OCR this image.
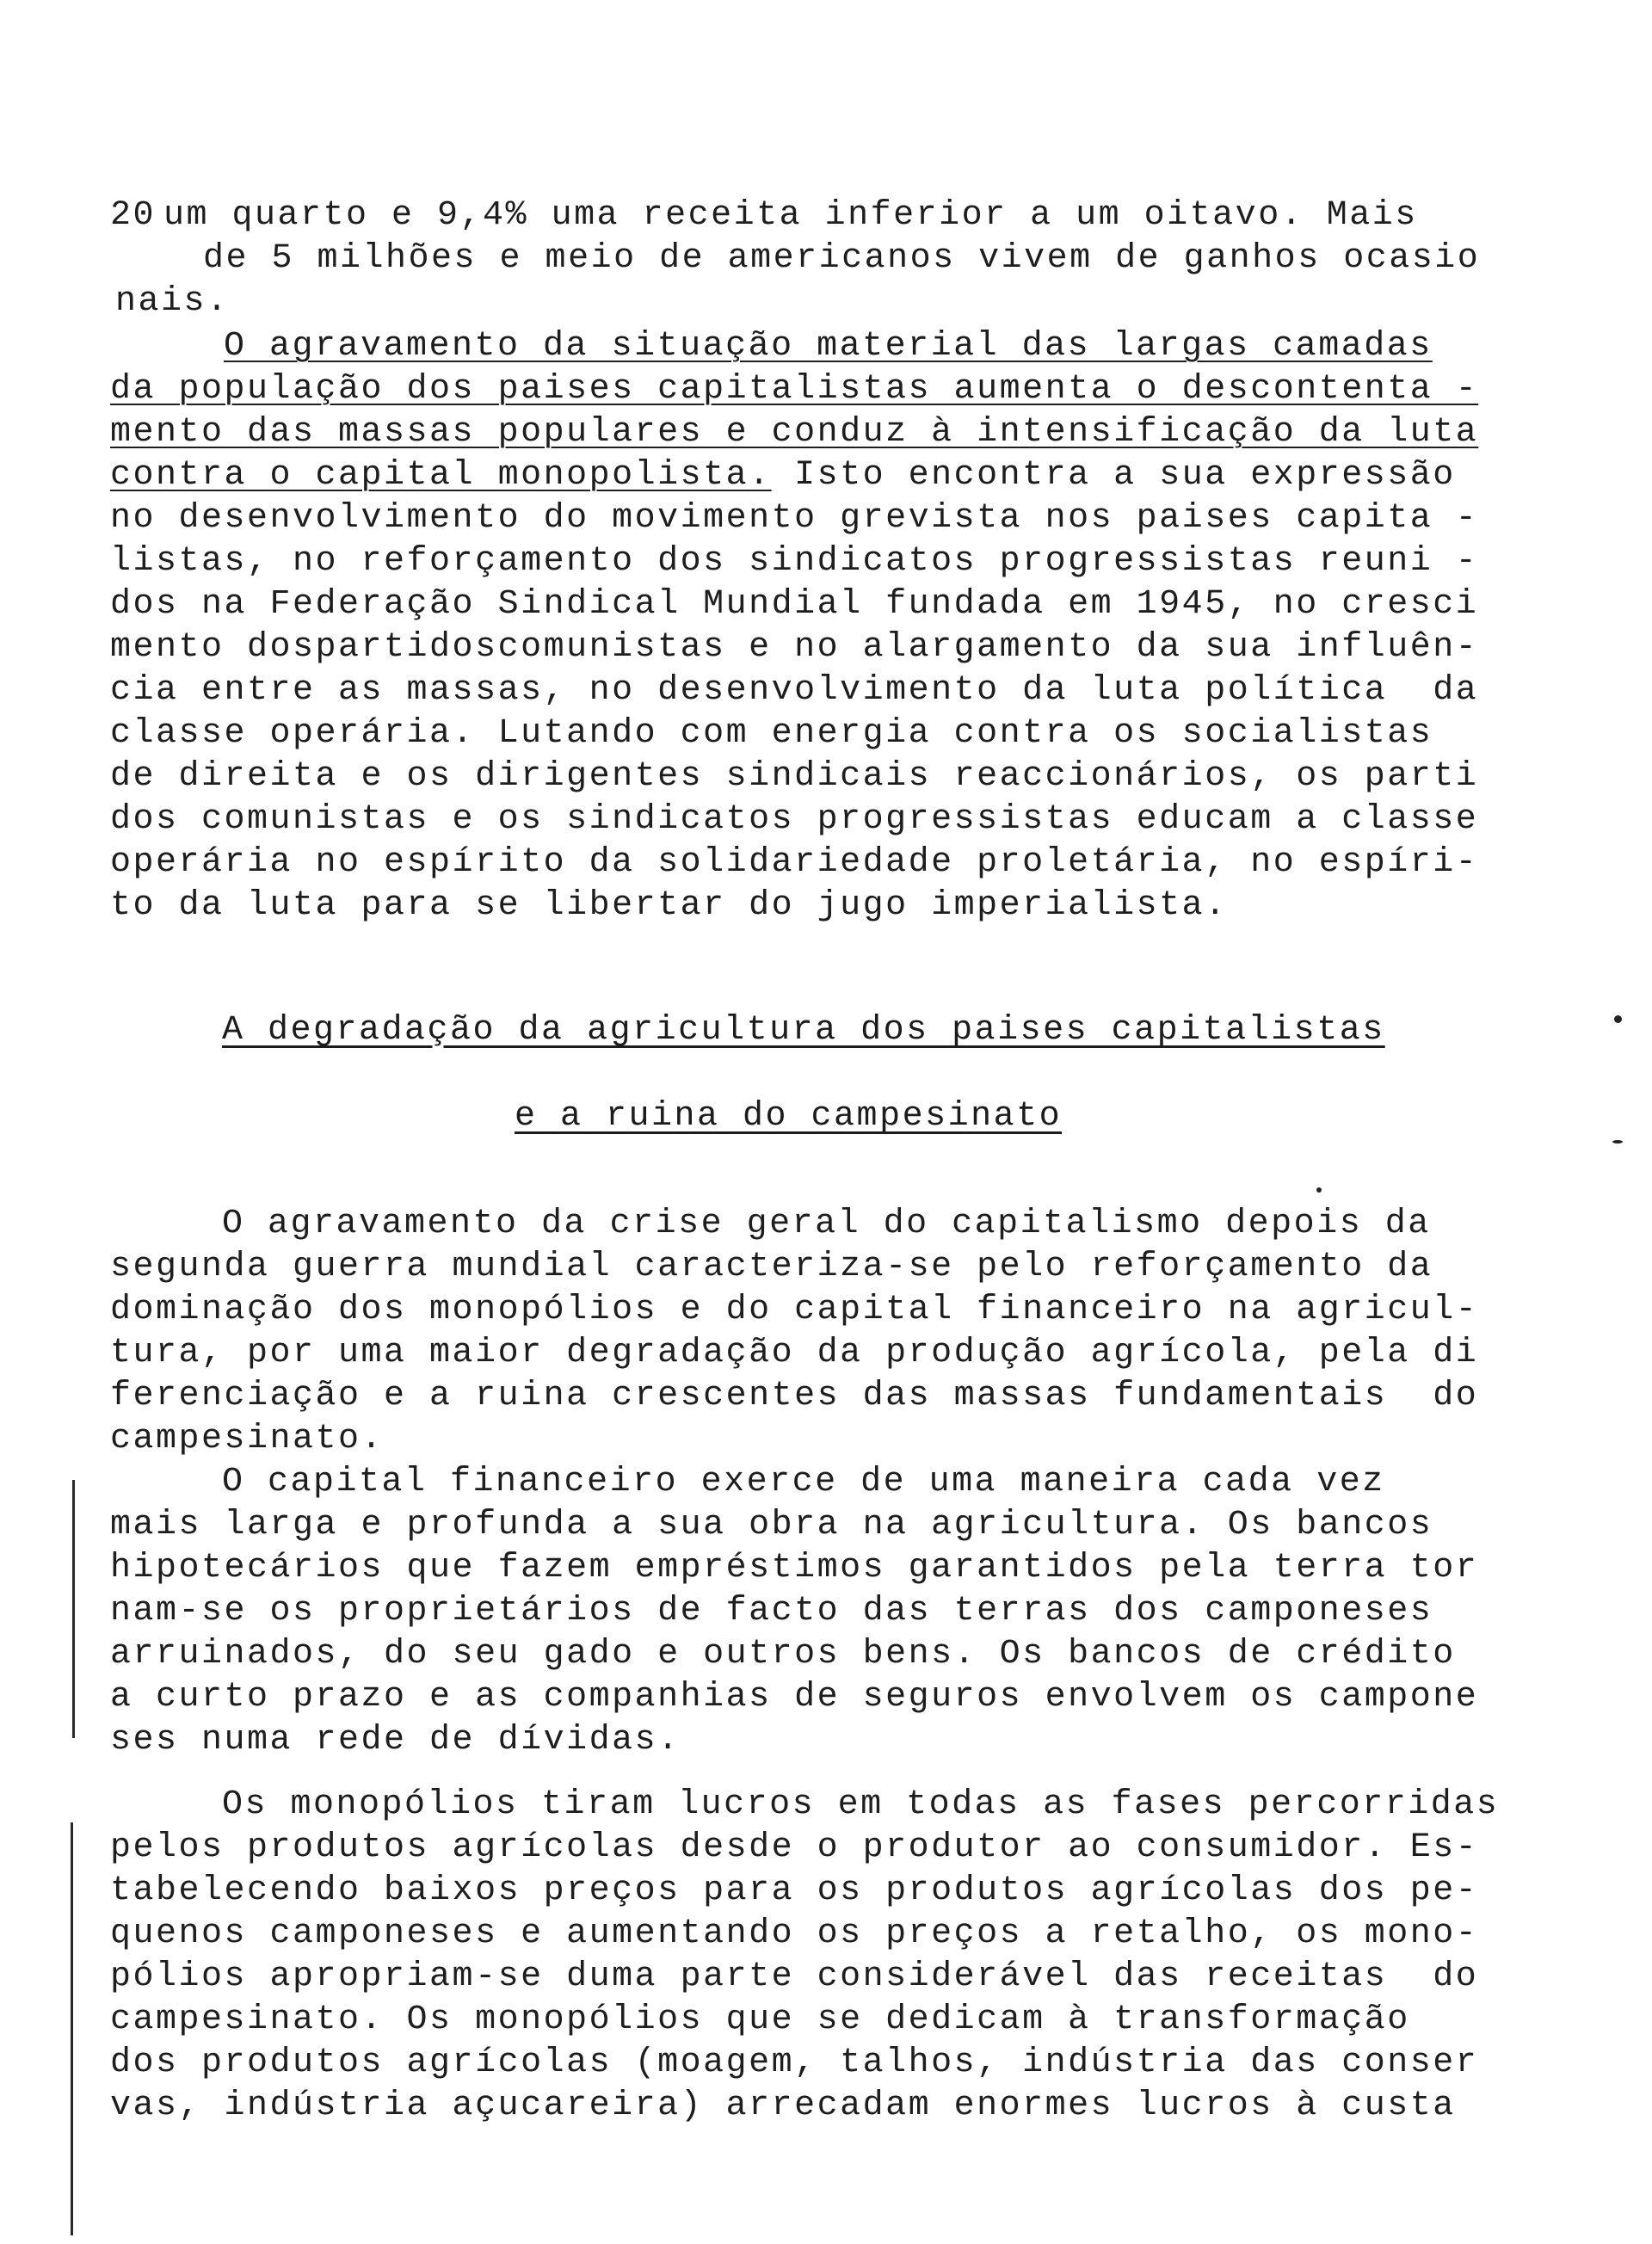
20 um quarto e 9,4% uma receita inferior a um oitavo. Mais
de 5 milhões e meio de americanos vivem de ganhos ocasio
nais.
O agravamento da situação material das largas camadas
da população dos paises capitalistas aumenta o descontenta -
mento das massas populares e conduz à intensificação da luta
contra o capital monopolista. Isto encontra a sua expressão
no desenvolvimento do movimento grevista nos paises capita -
listas, no reforçamento dos sindicatos progressistas reuni -
dos na Federação Sindical Mundial fundada em 1945, no cresci
mento dospartidoscomunistas e no alargamento da sua influên-
cia entre as massas, no desenvolvimento da luta política  da
classe operária. Lutando com energia contra os socialistas
de direita e os dirigentes sindicais reaccionários, os parti
dos comunistas e os sindicatos progressistas educam a classe
operária no espírito da solidariedade proletária, no espíri-
to da luta para se libertar do jugo imperialista.
A degradação da agricultura dos paises capitalistas
e a ruina do campesinato
O agravamento da crise geral do capitalismo depois da
segunda guerra mundial caracteriza-se pelo reforçamento da
dominação dos monopólios e do capital financeiro na agricul-
tura, por uma maior degradação da produção agrícola, pela di
ferenciação e a ruina crescentes das massas fundamentais  do
campesinato.
O capital financeiro exerce de uma maneira cada vez
mais larga e profunda a sua obra na agricultura. Os bancos
hipotecários que fazem empréstimos garantidos pela terra tor
nam-se os proprietários de facto das terras dos camponeses
arruinados, do seu gado e outros bens. Os bancos de crédito
a curto prazo e as companhias de seguros envolvem os campone
ses numa rede de dívidas.
Os monopólios tiram lucros em todas as fases percorridas
pelos produtos agrícolas desde o produtor ao consumidor. Es-
tabelecendo baixos preços para os produtos agrícolas dos pe-
quenos camponeses e aumentando os preços a retalho, os mono-
pólios apropriam-se duma parte considerável das receitas  do
campesinato. Os monopólios que se dedicam à transformação
dos produtos agrícolas (moagem, talhos, indústria das conser
vas, indústria açucareira) arrecadam enormes lucros à custa
